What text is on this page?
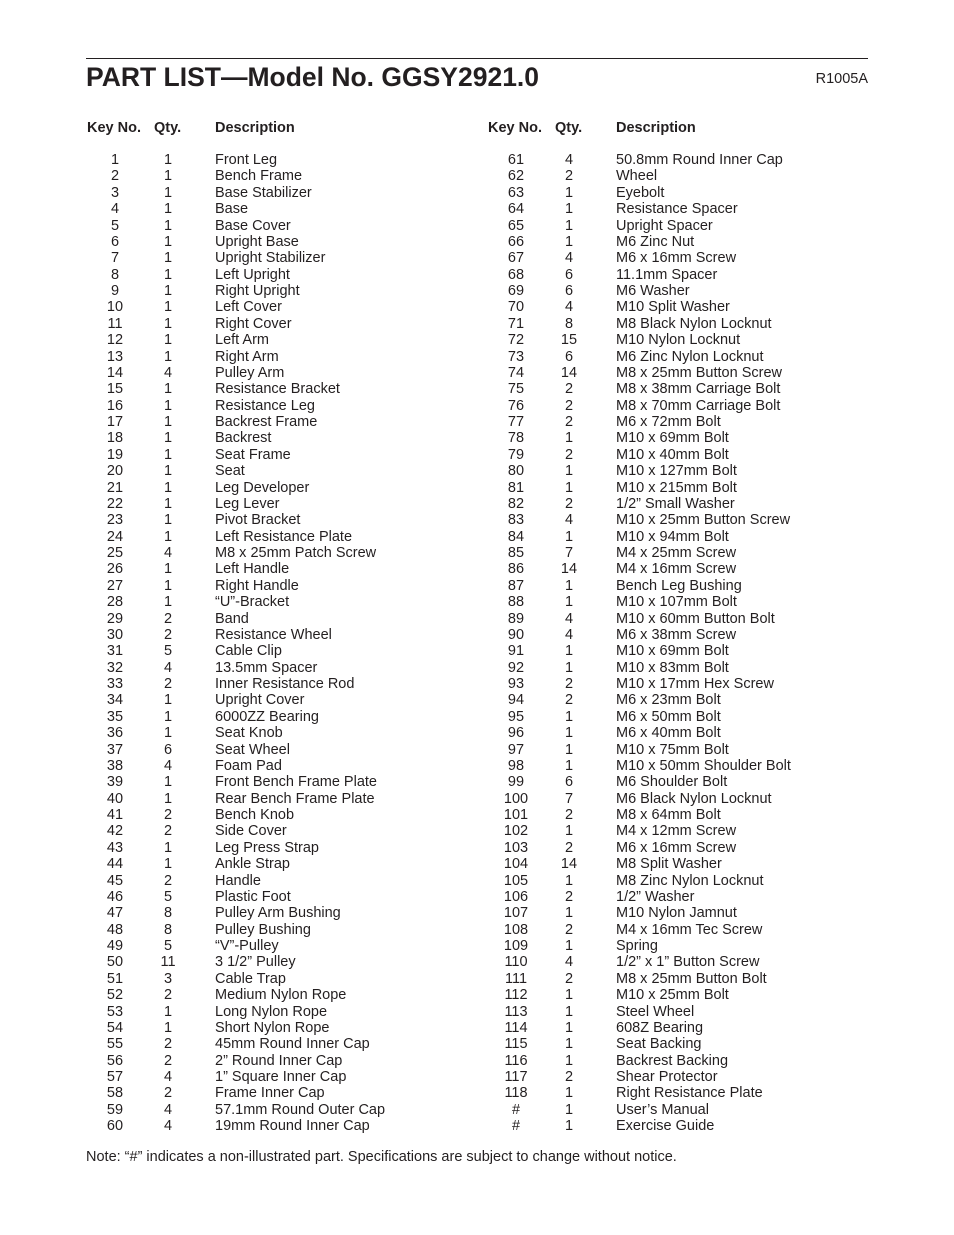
PART LIST—Model No. GGSY2921.0	R1005A
Key No. Qty. Description	Key No. Qty. Description
1	1	Front Leg
2	1	Bench Frame
3	1	Base Stabilizer
4	1	Base
5	1	Base Cover
6	1	Upright Base
7	1	Upright Stabilizer
8	1	Left Upright
9	1	Right Upright
10	1	Left Cover
11	1	Right Cover
12	1	Left Arm
13	1	Right Arm
14	4	Pulley Arm
15	1	Resistance Bracket
16	1	Resistance Leg
17	1	Backrest Frame
18	1	Backrest
19	1	Seat Frame
20	1	Seat
21	1	Leg Developer
22	1	Leg Lever
23	1	Pivot Bracket
24	1	Left Resistance Plate
25	4	M8 x 25mm Patch Screw
26	1	Left Handle
27	1	Right Handle
28	1	“U”-Bracket
29	2	Band
30	2	Resistance Wheel
31	5	Cable Clip
32	4	13.5mm Spacer
33	2	Inner Resistance Rod
34	1	Upright Cover
35	1	6000ZZ Bearing
36	1	Seat Knob
37	6	Seat Wheel
38	4	Foam Pad
39	1	Front Bench Frame Plate
40	1	Rear Bench Frame Plate
41	2	Bench Knob
42	2	Side Cover
43	1	Leg Press Strap
44	1	Ankle Strap
45	2	Handle
46	5	Plastic Foot
47	8	Pulley Arm Bushing
48	8	Pulley Bushing
49	5	“V”-Pulley
50	11	3 1/2” Pulley
51	3	Cable Trap
52	2	Medium Nylon Rope
53	1	Long Nylon Rope
54	1	Short Nylon Rope
55	2	45mm Round Inner Cap
56	2	2” Round Inner Cap
57	4	1” Square Inner Cap
58	2	Frame Inner Cap
59	4	57.1mm Round Outer Cap
60	4	19mm Round Inner Cap
61	4	50.8mm Round Inner Cap
62	2	Wheel
63	1	Eyebolt
64	1	Resistance Spacer
65	1	Upright Spacer
66	1	M6 Zinc Nut
67	4	M6 x 16mm Screw
68	6	11.1mm Spacer
69	6	M6 Washer
70	4	M10 Split Washer
71	8	M8 Black Nylon Locknut
72	15	M10 Nylon Locknut
73	6	M6 Zinc Nylon Locknut
74	14	M8 x 25mm Button Screw
75	2	M8 x 38mm Carriage Bolt
76	2	M8 x 70mm Carriage Bolt
77	2	M6 x 72mm Bolt
78	1	M10 x 69mm Bolt
79	2	M10 x 40mm Bolt
80	1	M10 x 127mm Bolt
81	1	M10 x 215mm Bolt
82	2	1/2” Small Washer
83	4	M10 x 25mm Button Screw
84	1	M10 x 94mm Bolt
85	7	M4 x 25mm Screw
86	14	M4 x 16mm Screw
87	1	Bench Leg Bushing
88	1	M10 x 107mm Bolt
89	4	M10 x 60mm Button Bolt
90	4	M6 x 38mm Screw
91	1	M10 x 69mm Bolt
92	1	M10 x 83mm Bolt
93	2	M10 x 17mm Hex Screw
94	2	M6 x 23mm Bolt
95	1	M6 x 50mm Bolt
96	1	M6 x 40mm Bolt
97	1	M10 x 75mm Bolt
98	1	M10 x 50mm Shoulder Bolt
99	6	M6 Shoulder Bolt
100	7	M6 Black Nylon Locknut
101	2	M8 x 64mm Bolt
102	1	M4 x 12mm Screw
103	2	M6 x 16mm Screw
104	14	M8 Split Washer
105	1	M8 Zinc Nylon Locknut
106	2	1/2” Washer
107	1	M10 Nylon Jamnut
108	2	M4 x 16mm Tec Screw
109	1	Spring
110	4	1/2” x 1” Button Screw
111	2	M8 x 25mm Button Bolt
112	1	M10 x 25mm Bolt
113	1	Steel Wheel
114	1	608Z Bearing
115	1	Seat Backing
116	1	Backrest Backing
117	2	Shear Protector
118	1	Right Resistance Plate
#	1	User’s Manual
#	1	Exercise Guide
Note: “#” indicates a non-illustrated part. Specifications are subject to change without notice.
